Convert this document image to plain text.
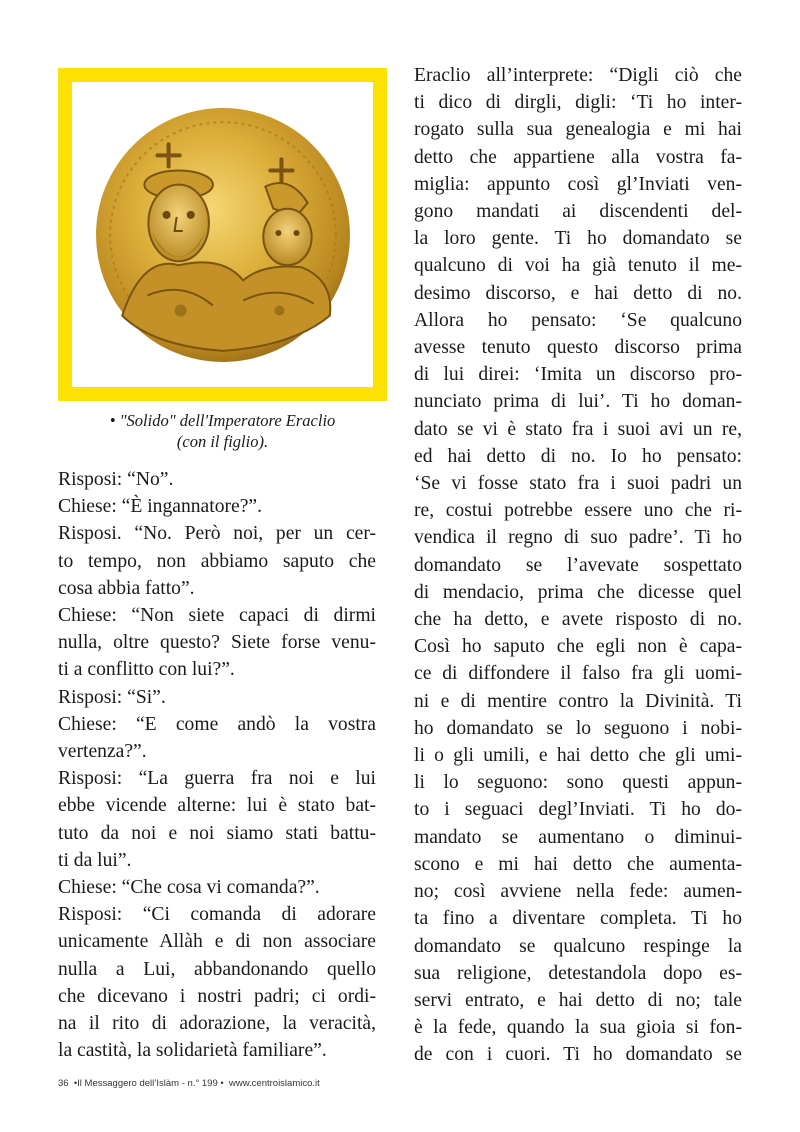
• "Solido" dell'Imperatore Eraclio
(con il figlio).
Risposi: “No”.
Chiese: “È ingannatore?”.
Risposi. “No. Però noi, per un cer-
to tempo, non abbiamo saputo che
cosa abbia fatto”.
Chiese: “Non siete capaci di dirmi
nulla, oltre questo? Siete forse venu-
ti a conflitto con lui?”.
Risposi: “Si”.
Chiese: “E come andò la vostra
vertenza?”.
Risposi: “La guerra fra noi e lui
ebbe vicende alterne: lui è stato bat-
tuto da noi e noi siamo stati battu-
ti da lui”.
Chiese: “Che cosa vi comanda?”.
Risposi: “Ci comanda di adorare
unicamente Allàh e di non associare
nulla a Lui, abbandonando quello
che dicevano i nostri padri; ci ordi-
na il rito di adorazione, la veracità,
la castità, la solidarietà familiare”.
Eraclio all’interprete: “Digli ciò che
ti dico di dirgli, digli: ‘Ti ho inter-
rogato sulla sua genealogia e mi hai
detto che appartiene alla vostra fa-
miglia: appunto così gl’Inviati ven-
gono mandati ai discendenti del-
la loro gente. Ti ho domandato se
qualcuno di voi ha già tenuto il me-
desimo discorso, e hai detto di no.
Allora ho pensato: ‘Se qualcuno
avesse tenuto questo discorso prima
di lui direi: ‘Imita un discorso pro-
nunciato prima di lui’. Ti ho doman-
dato se vi è stato fra i suoi avi un re,
ed hai detto di no. Io ho pensato:
‘Se vi fosse stato fra i suoi padri un
re, costui potrebbe essere uno che ri-
vendica il regno di suo padre’. Ti ho
domandato se l’avevate sospettato
di mendacio, prima che dicesse quel
che ha detto, e avete risposto di no.
Così ho saputo che egli non è capa-
ce di diffondere il falso fra gli uomi-
ni e di mentire contro la Divinità. Ti
ho domandato se lo seguono i nobi-
li o gli umili, e hai detto che gli umi-
li lo seguono: sono questi appun-
to i seguaci degl’Inviati. Ti ho do-
mandato se aumentano o diminui-
scono e mi hai detto che aumenta-
no; così avviene nella fede: aumen-
ta fino a diventare completa. Ti ho
domandato se qualcuno respinge la
sua religione, detestandola dopo es-
servi entrato, e hai detto di no; tale
è la fede, quando la sua gioia si fon-
de con i cuori. Ti ho domandato se
36  •Il Messaggero dell’Islàm - n.° 199 •  www.centroislamico.it
